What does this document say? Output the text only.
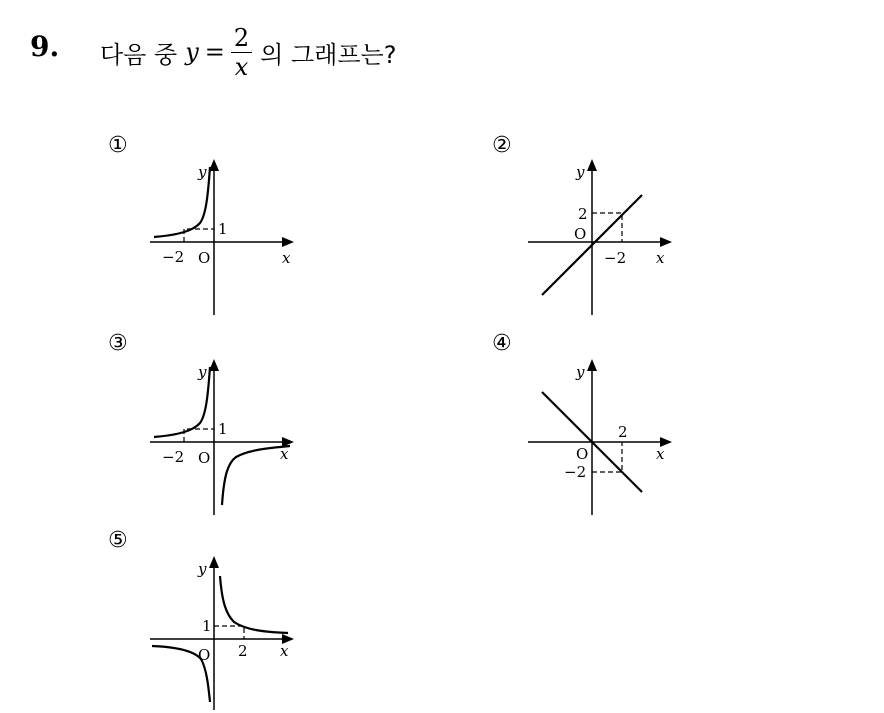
9. 다음 중 $y = \frac{2}{x}$ 의 그래프는?
①
x
y
O
−2
1
②
x
y
O
2
−2
③
x
y
O
−2
1
④
x
y
O
2
−2
⑤
x
y
O
1
2
